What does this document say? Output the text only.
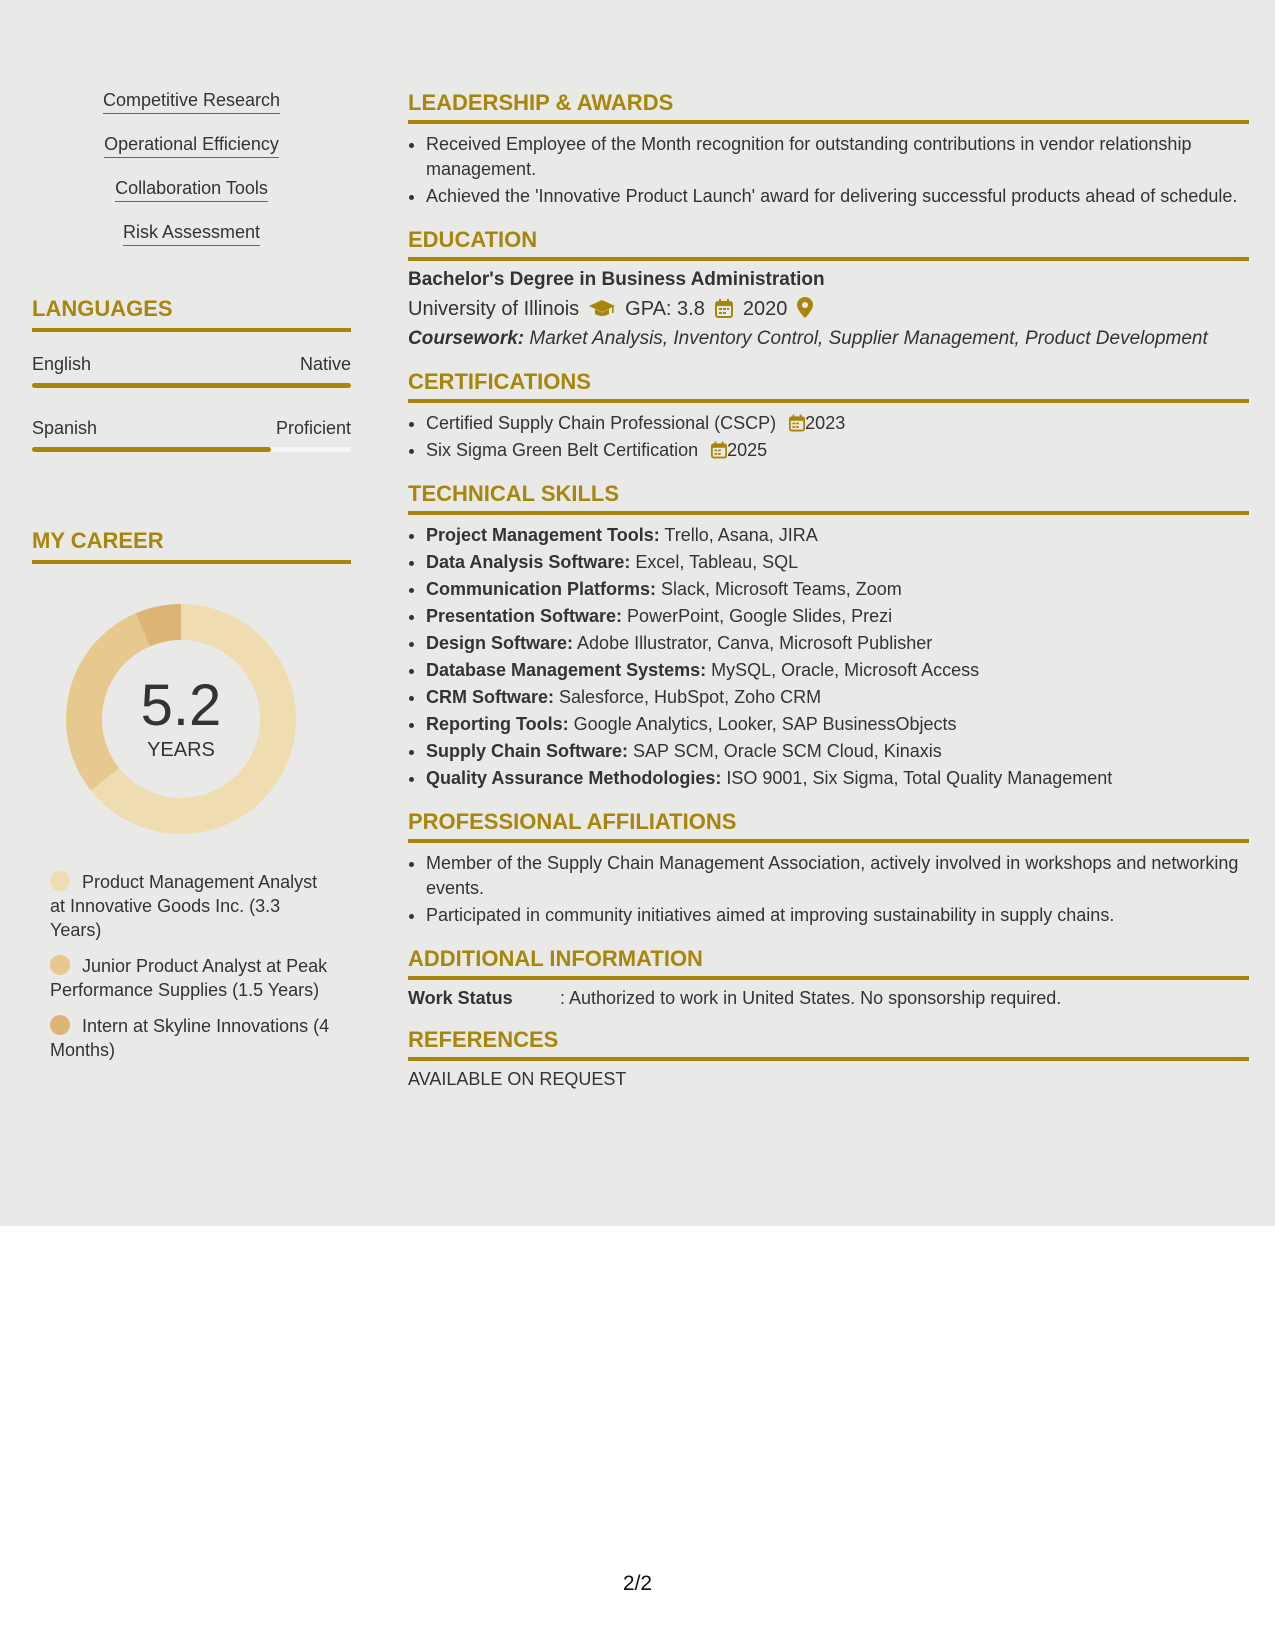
Competitive Research
Operational Efficiency
Collaboration Tools
Risk Assessment
LANGUAGES
English	Native
Spanish	Proficient
MY CAREER
5.2
YEARS
Product Management Analyst at Innovative Goods Inc. (3.3 Years)
Junior Product Analyst at Peak Performance Supplies (1.5 Years)
Intern at Skyline Innovations (4 Months)
LEADERSHIP & AWARDS
• Received Employee of the Month recognition for outstanding contributions in vendor relationship management.
• Achieved the 'Innovative Product Launch' award for delivering successful products ahead of schedule.
EDUCATION
Bachelor's Degree in Business Administration
University of Illinois GPA: 3.8 2020
Coursework: Market Analysis, Inventory Control, Supplier Management, Product Development
CERTIFICATIONS
• Certified Supply Chain Professional (CSCP) 2023
• Six Sigma Green Belt Certification 2025
TECHNICAL SKILLS
• Project Management Tools: Trello, Asana, JIRA
• Data Analysis Software: Excel, Tableau, SQL
• Communication Platforms: Slack, Microsoft Teams, Zoom
• Presentation Software: PowerPoint, Google Slides, Prezi
• Design Software: Adobe Illustrator, Canva, Microsoft Publisher
• Database Management Systems: MySQL, Oracle, Microsoft Access
• CRM Software: Salesforce, HubSpot, Zoho CRM
• Reporting Tools: Google Analytics, Looker, SAP BusinessObjects
• Supply Chain Software: SAP SCM, Oracle SCM Cloud, Kinaxis
• Quality Assurance Methodologies: ISO 9001, Six Sigma, Total Quality Management
PROFESSIONAL AFFILIATIONS
• Member of the Supply Chain Management Association, actively involved in workshops and networking events.
• Participated in community initiatives aimed at improving sustainability in supply chains.
ADDITIONAL INFORMATION
Work Status	: Authorized to work in United States. No sponsorship required.
REFERENCES
AVAILABLE ON REQUEST
2/2
